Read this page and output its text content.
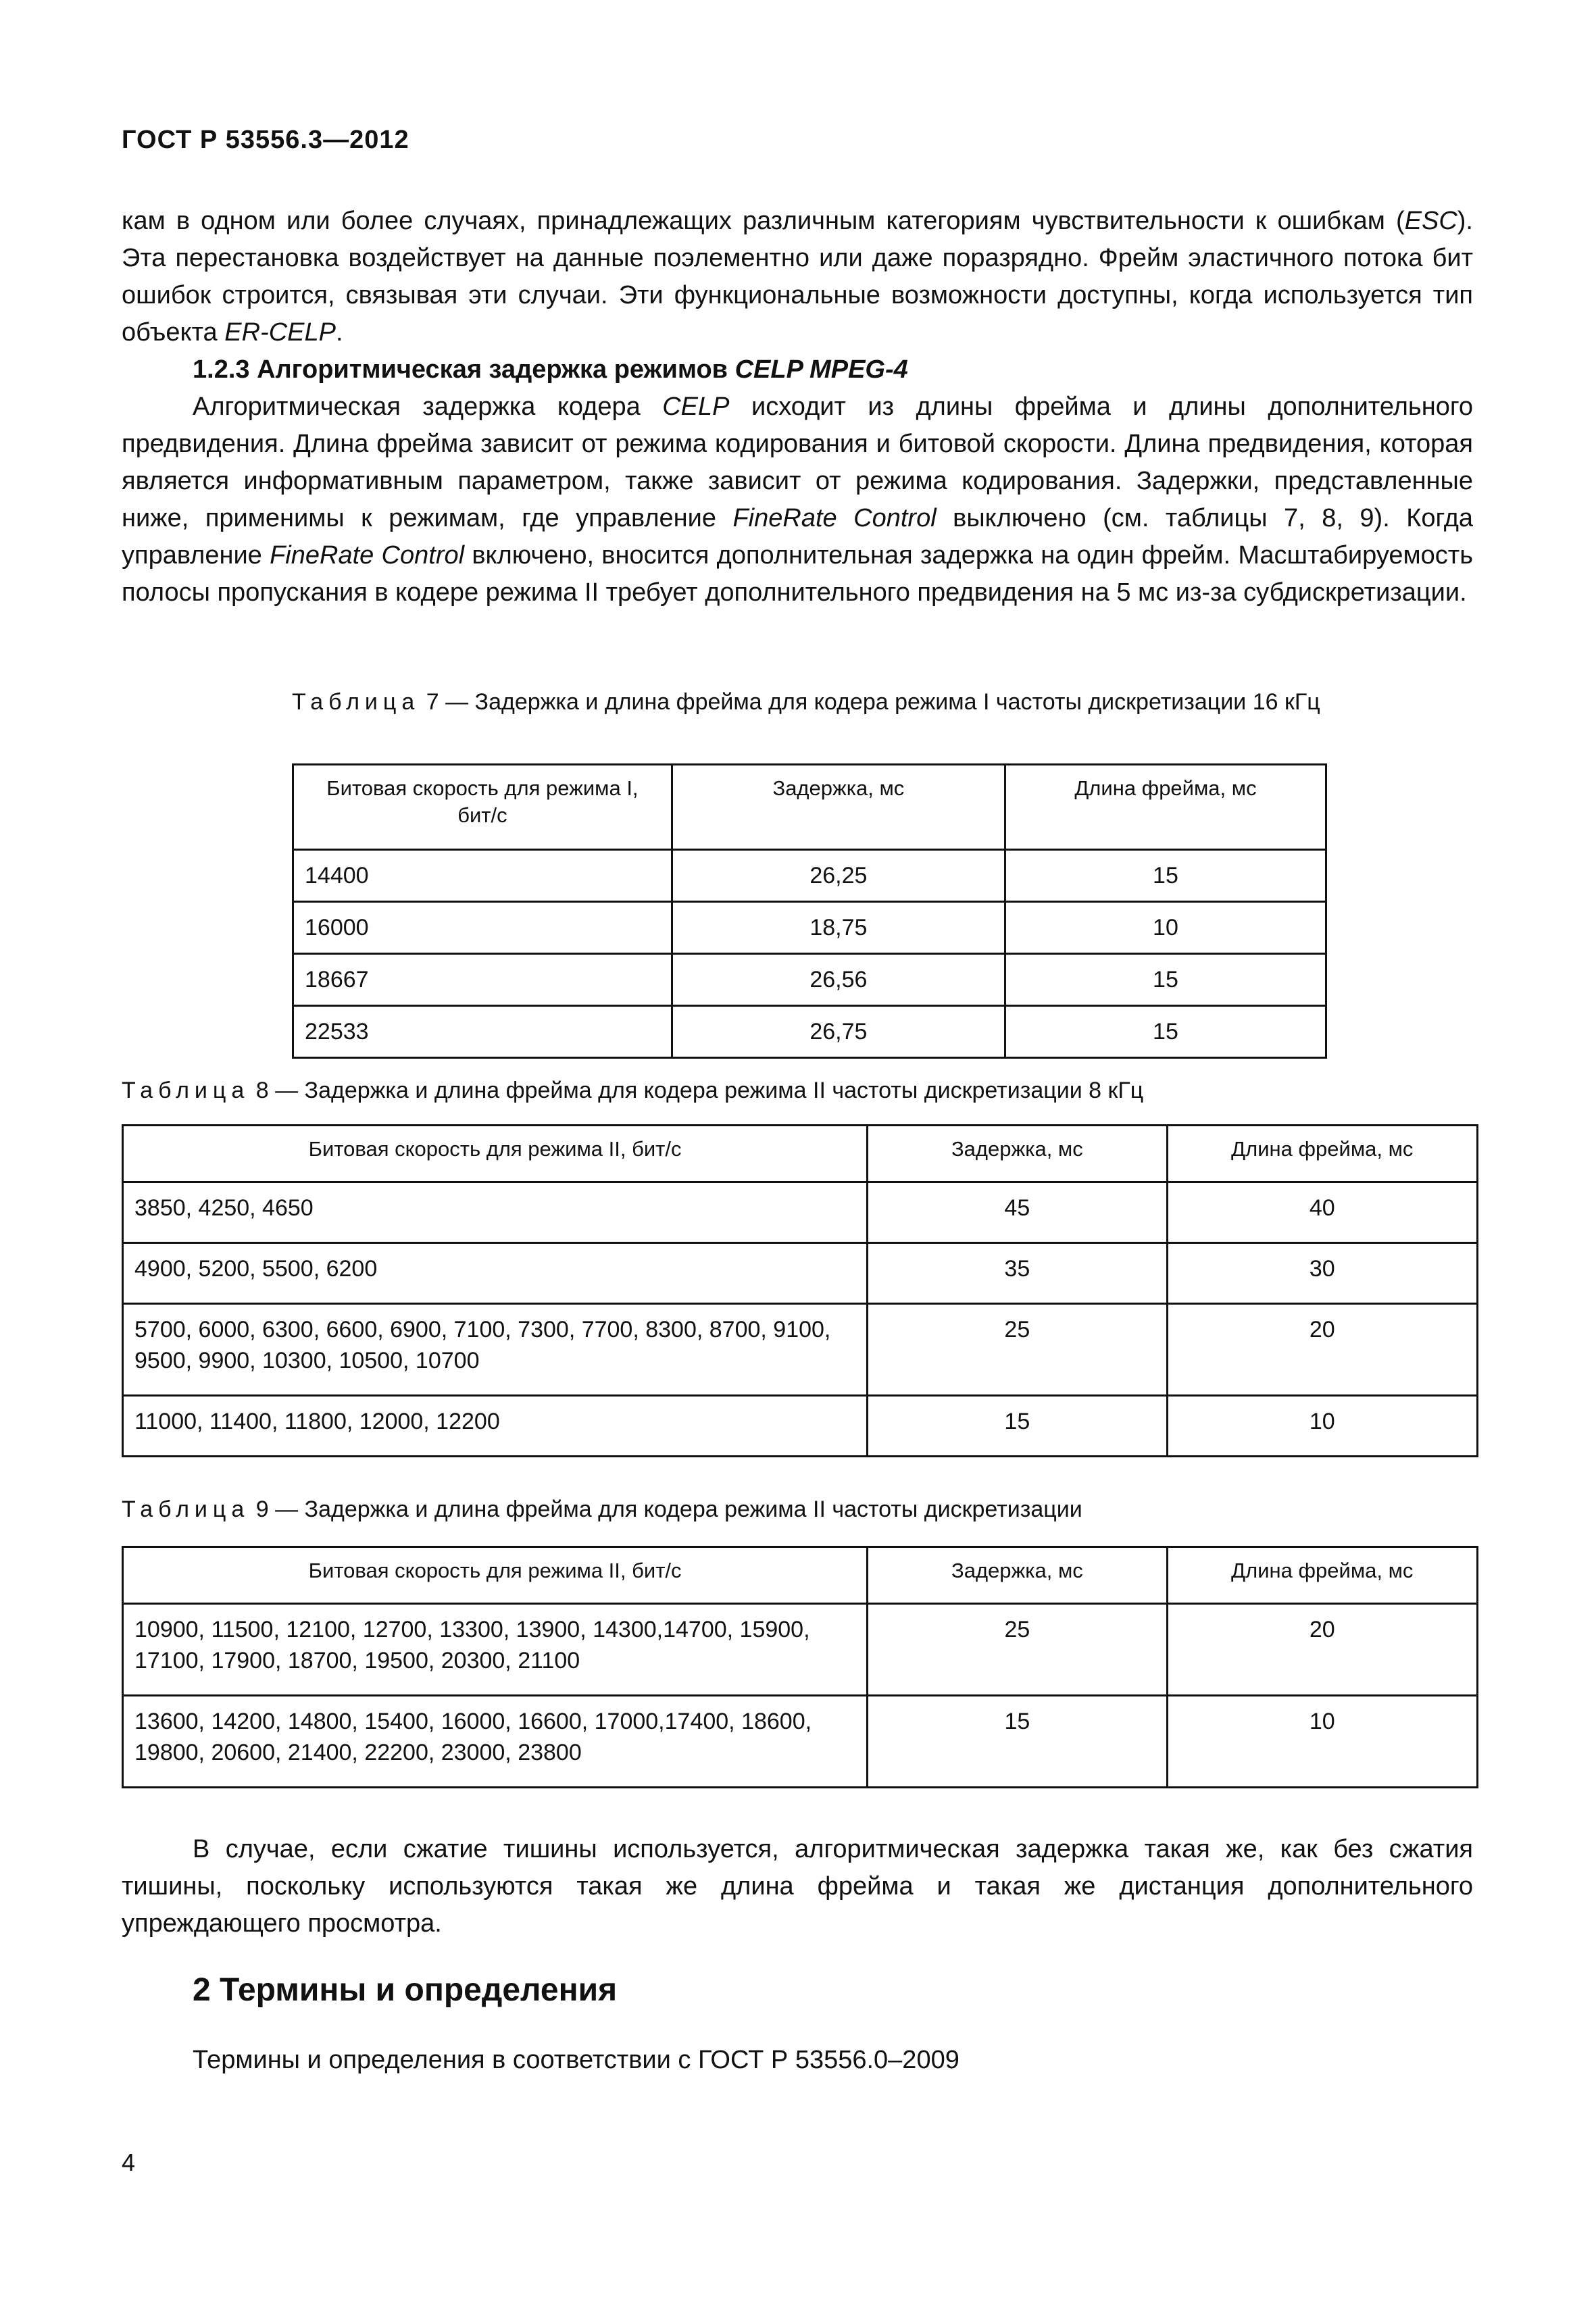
ГОСТ Р 53556.3—2012

кам в одном или более случаях, принадлежащих различным категориям чувствительности к ошибкам (ESC). Эта перестановка воздействует на данные поэлементно или даже поразрядно. Фрейм эластичного потока бит ошибок строится, связывая эти случаи. Эти функциональные возможности доступны, когда используется тип объекта ER-CELP.

1.2.3 Алгоритмическая задержка режимов CELP MPEG-4

Алгоритмическая задержка кодера CELP исходит из длины фрейма и длины дополнительного предвидения. Длина фрейма зависит от режима кодирования и битовой скорости. Длина предвидения, которая является информативным параметром, также зависит от режима кодирования. Задержки, представленные ниже, применимы к режимам, где управление FineRate Control выключено (см. таблицы 7, 8, 9). Когда управление FineRate Control включено, вносится дополнительная задержка на один фрейм. Масштабируемость полосы пропускания в кодере режима II требует дополнительного предвидения на 5 мс из-за субдискретизации.

Таблица 7 — Задержка и длина фрейма для кодера режима I частоты дискретизации 16 кГц
Битовая скорость для режима I, бит/с	Задержка, мс	Длина фрейма, мс
14400	26,25	15
16000	18,75	10
18667	26,56	15
22533	26,75	15
Таблица 8 — Задержка и длина фрейма для кодера режима II частоты дискретизации 8 кГц
Битовая скорость для режима II, бит/с	Задержка, мс	Длина фрейма, мс
3850, 4250, 4650	45	40
4900, 5200, 5500, 6200	35	30
5700, 6000, 6300, 6600, 6900, 7100, 7300, 7700, 8300, 8700, 9100, 9500, 9900, 10300, 10500, 10700	25	20
11000, 11400, 11800, 12000, 12200	15	10
Таблица 9 — Задержка и длина фрейма для кодера режима II частоты дискретизации
Битовая скорость для режима II, бит/с	Задержка, мс	Длина фрейма, мс
10900, 11500, 12100, 12700, 13300, 13900, 14300,14700, 15900, 17100, 17900, 18700, 19500, 20300, 21100	25	20
13600, 14200, 14800, 15400, 16000, 16600, 17000,17400, 18600, 19800, 20600, 21400, 22200, 23000, 23800	15	10

В случае, если сжатие тишины используется, алгоритмическая задержка такая же, как без сжатия тишины, поскольку используются такая же длина фрейма и такая же дистанция дополнительного упреждающего просмотра.

2 Термины и определения
Термины и определения в соответствии с ГОСТ Р 53556.0–2009
4
